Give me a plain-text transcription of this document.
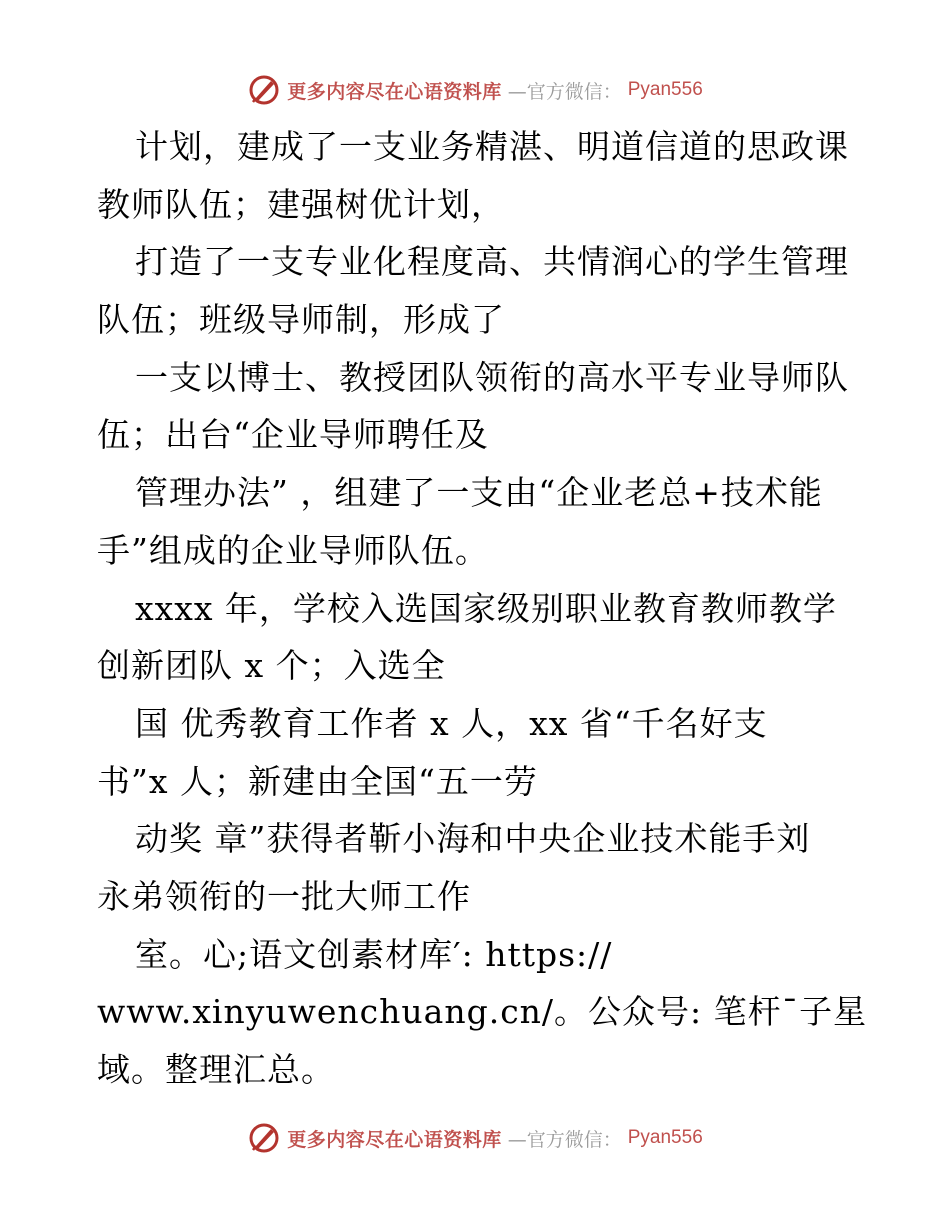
更多内容尽在心语资料库 —官方微信： Pyan556
计划，建成了一支业务精湛、明道信道的思政课
教师队伍；建强树优计划，
打造了一支专业化程度高、共情润心的学生管理
队伍；班级导师制，形成了
一支以博士、教授团队领衔的高水平专业导师队
伍；出台“企业导师聘任及
管理办法” ，组建了一支由“企业老总+技术能
手”组成的企业导师队伍。
xxxx 年，学校入选国家级别职业教育教师教学
创新团队 x 个；入选全
国 优秀教育工作者 x 人，xx 省“千名好支
书”x 人；新建由全国“五一劳
动奖 章”获得者靳小海和中央企业技术能手刘
永弟领衔的一批大师工作
室。心;语文创素材库′: https://
www.xinyuwenchuang.cn/。公众号: 笔杆¯子星
域。整理汇总。
更多内容尽在心语资料库 —官方微信： Pyan556
